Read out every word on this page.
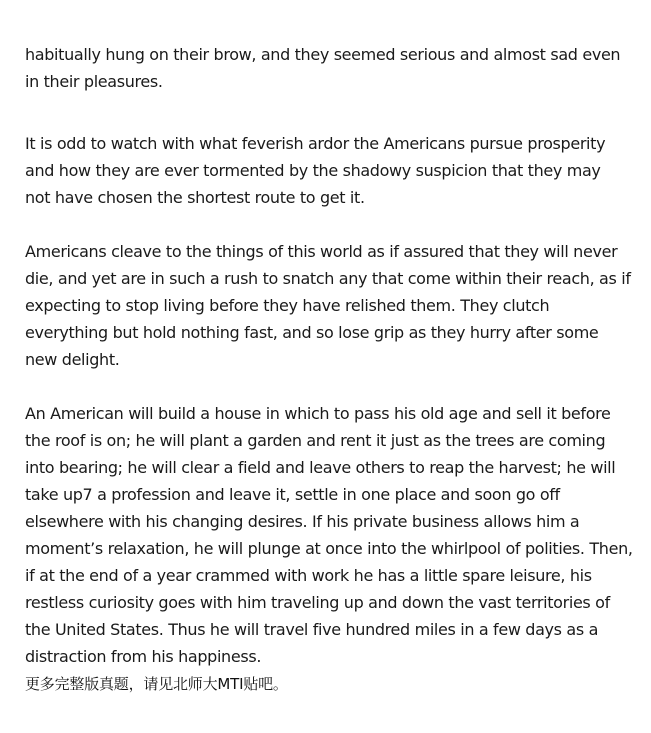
habitually hung on their brow, and they seemed serious and almost sad even
in their pleasures.
It is odd to watch with what feverish ardor the Americans pursue prosperity
and how they are ever tormented by the shadowy suspicion that they may
not have chosen the shortest route to get it.
Americans cleave to the things of this world as if assured that they will never
die, and yet are in such a rush to snatch any that come within their reach, as if
expecting to stop living before they have relished them. They clutch
everything but hold nothing fast, and so lose grip as they hurry after some
new delight.
An American will build a house in which to pass his old age and sell it before
the roof is on; he will plant a garden and rent it just as the trees are coming
into bearing; he will clear a field and leave others to reap the harvest; he will
take up7 a profession and leave it, settle in one place and soon go off
elsewhere with his changing desires. If his private business allows him a
moment’s relaxation, he will plunge at once into the whirlpool of polities. Then,
if at the end of a year crammed with work he has a little spare leisure, his
restless curiosity goes with him traveling up and down the vast territories of
the United States. Thus he will travel five hundred miles in a few days as a
distraction from his happiness.
更多完整版真题，请见北师大MTI贴吧。
